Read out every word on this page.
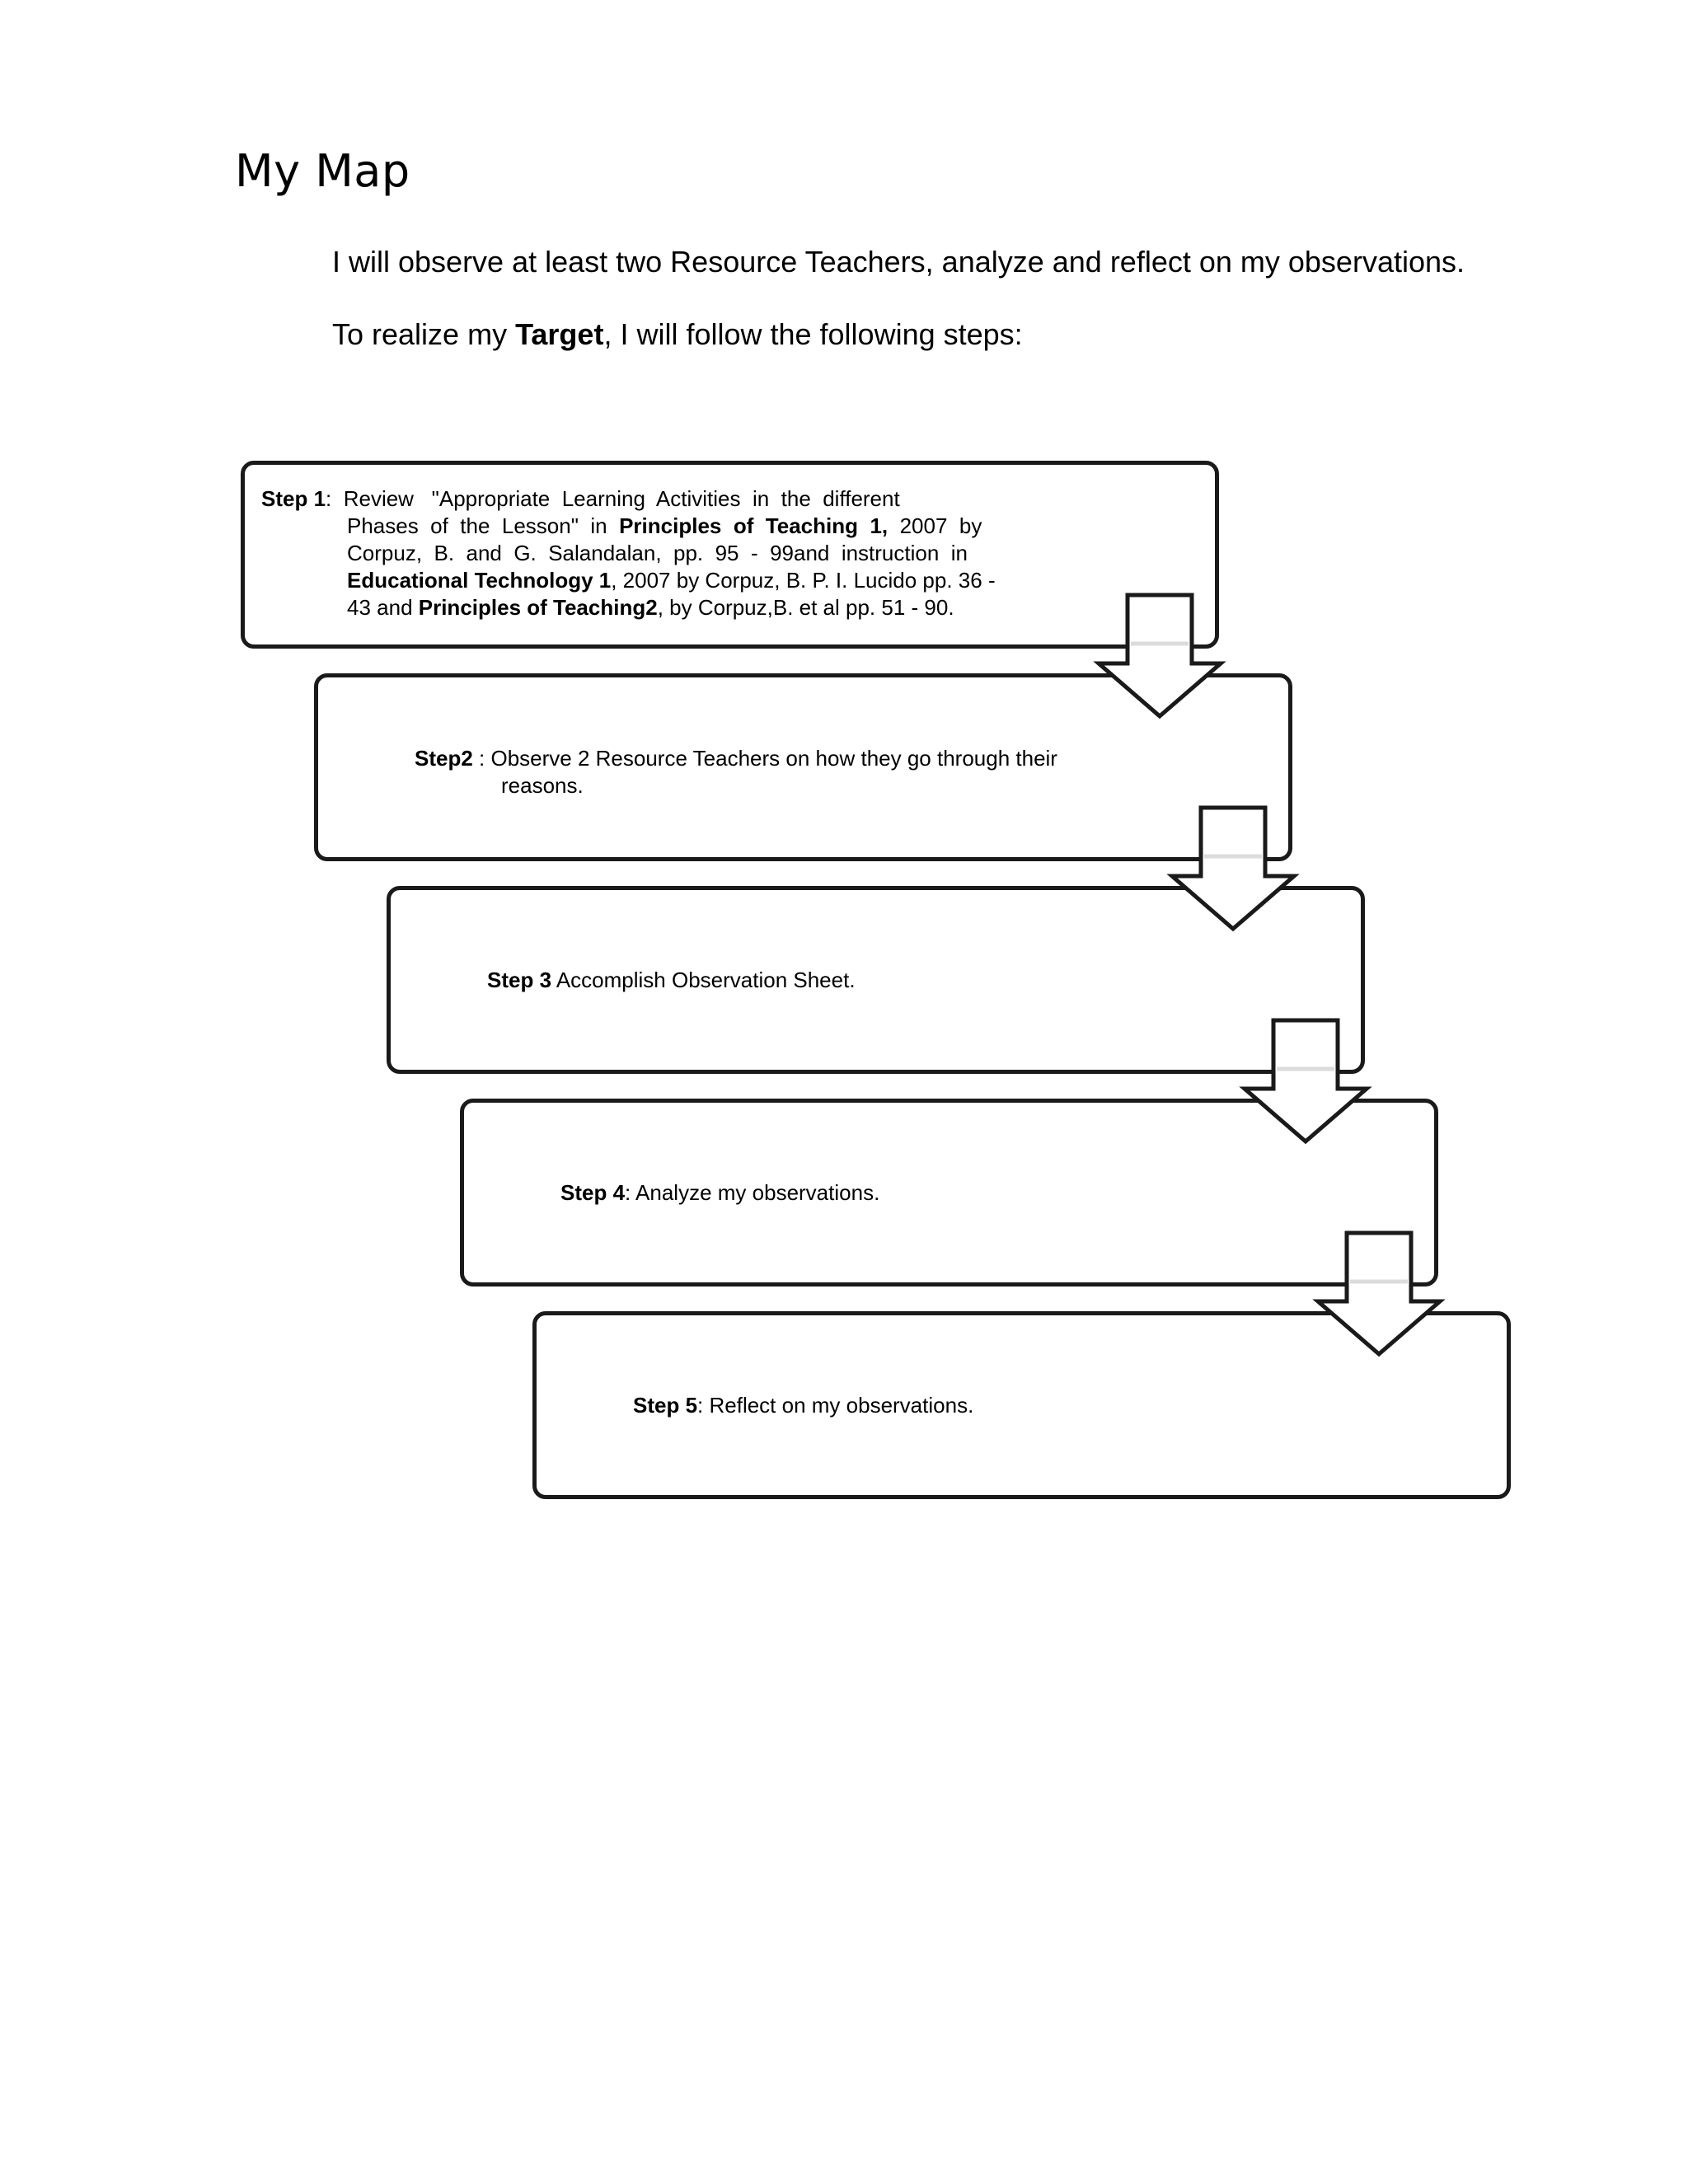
My Map

I will observe at least two Resource Teachers, analyze and reflect on my observations.

To realize my Target, I will follow the following steps:

Step 1:  Review   "Appropriate  Learning  Activities  in  the  different
Phases  of  the  Lesson"  in  Principles  of  Teaching  1,  2007  by
Corpuz,  B.  and  G.  Salandalan,  pp.  95  -  99and  instruction  in
Educational Technology 1, 2007 by Corpuz, B. P. I. Lucido pp. 36 -
43 and Principles of Teaching2, by Corpuz,B. et al pp. 51 - 90.

Step2 : Observe 2 Resource Teachers on how they go through their
reasons.

Step 3 Accomplish Observation Sheet.

Step 4: Analyze my observations.

Step 5: Reflect on my observations.
